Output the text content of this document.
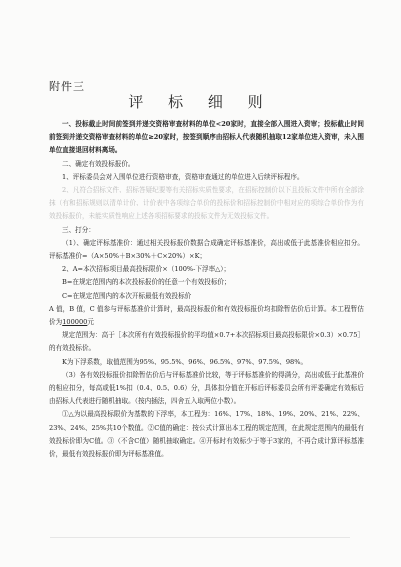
附件三
评 标 细 则

一、投标截止时间前签到并递交资格审查材料的单位<20家时，直接全部入围进入资审；投标截止时间前签到并递交资格审查材料的单位≥20家时，按签到顺序由招标人代表随机抽取12家单位进入资审，未入围单位直接退回材料离场。

二、确定有效投标报价。

1、评标委员会对入围单位进行资格审查，资格审查通过的单位进入后续评标程序。

2、凡符合招标文件、招标答疑纪要等有关招标实质性要求，在招标控制价以下且投标文件中所有全部涂抹（有和招标规则以清单计价、计价表中各项综合单价的投标价和招标控制价中相对应的项综合单价作为有效投标报价，未能实质性响应上述各项招标要求的投标文件为无效投标文件。

三、打分：

（1）、确定评标基准价：通过相关投标报价数据合成确定评标基准价，高出或低于此基准价相应扣分。评标基准价=（A×50%＋B×30%＋C×20%）×K；

2、A=本次招标项目最高投标限价×（100%-下浮率△）；

B=在规定范围内的本次投标报价的任意一个有效投标价；

C=在规定范围内的本次开标最低有效投标价

A 值，B 值，C 值参与评标基准价计算时，最高投标报价和有效投标报价均扣除暂估价后计算。本工程暂估价为100000元

规定范围为：高于［本次所有有效投标报价的平均值×0.7+本次招标项目最高投标限价×0.3）×0.75］的有效投标价。

K为下浮系数，取值范围为95%、95.5%、96%、96.5%、97%、97.5%、98%。

（3）各有效投标报价扣除暂估价后与评标基准价比较，等于评标基准价的得满分，高出或低于此基准价的相应扣分，每高或低1%扣（0.4、0.5、0.6）分，具体扣分值在开标后评标委员会所有评委确定有效标后由招标人代表进行随机抽取。（按内插法，四舍五入取两位小数）。

①△为以最高投标限价为基数的下浮率，本工程为：16%、17%、18%、19%、20%、21%、22%、23%、24%、25%共10个数值。②C值的确定：按公式计算出本工程的规定范围，在此规定范围内的最低有效投标价即为C值。③（不含C值）随机抽取确定。④开标时有效标少于等于3家的，不再合成计算评标基准价，最低有效投标报价即为评标基准值。
